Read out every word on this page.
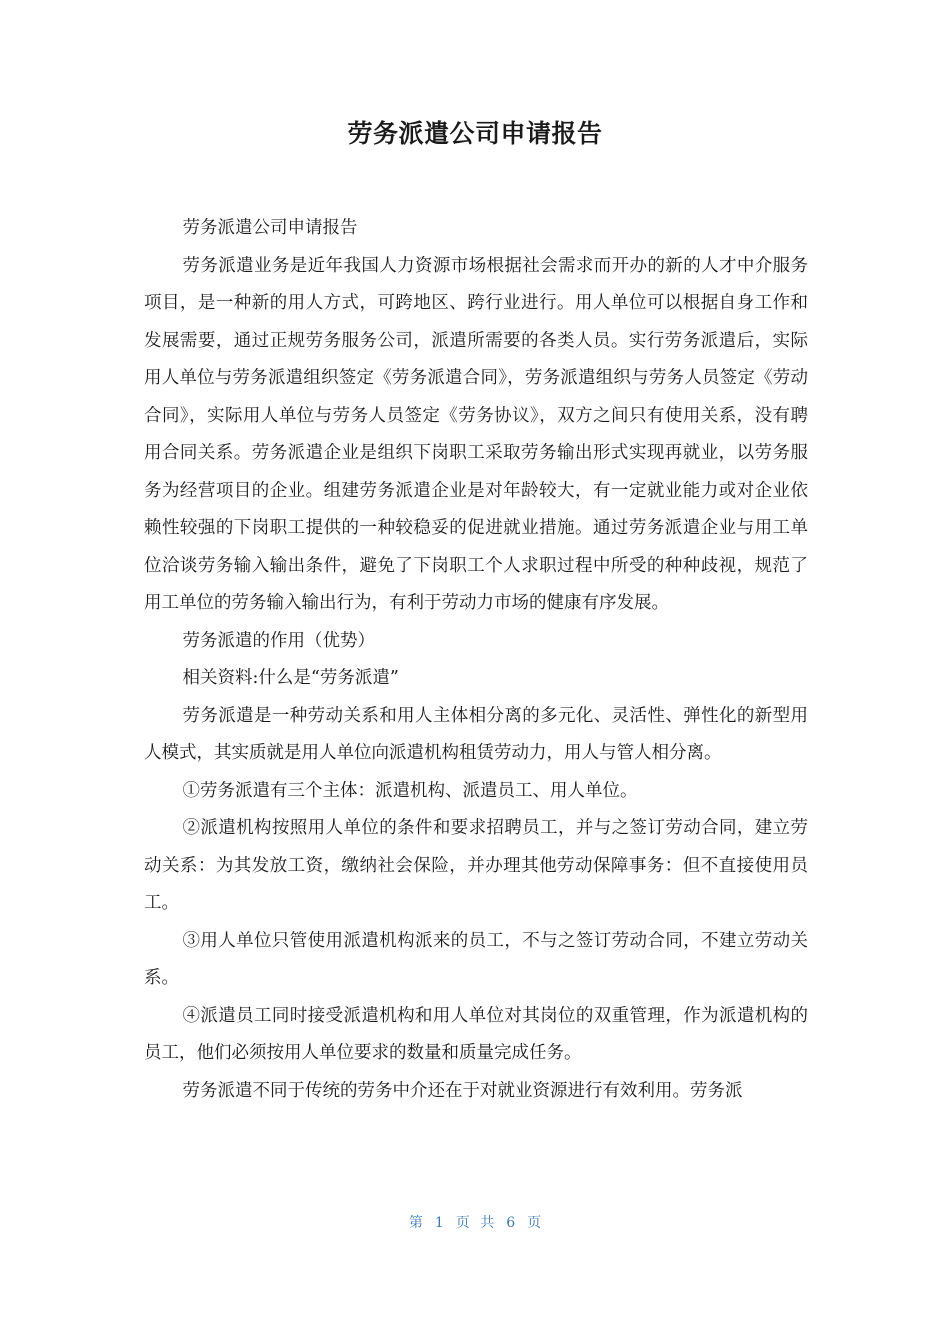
劳务派遣公司申请报告

劳务派遣公司申请报告

劳务派遣业务是近年我国人力资源市场根据社会需求而开办的新的人才中介服务项目，是一种新的用人方式，可跨地区、跨行业进行。用人单位可以根据自身工作和发展需要，通过正规劳务服务公司，派遣所需要的各类人员。实行劳务派遣后，实际用人单位与劳务派遣组织签定《劳务派遣合同》，劳务派遣组织与劳务人员签定《劳动合同》，实际用人单位与劳务人员签定《劳务协议》，双方之间只有使用关系，没有聘用合同关系。劳务派遣企业是组织下岗职工采取劳务输出形式实现再就业，以劳务服务为经营项目的企业。组建劳务派遣企业是对年龄较大，有一定就业能力或对企业依赖性较强的下岗职工提供的一种较稳妥的促进就业措施。通过劳务派遣企业与用工单位洽谈劳务输入输出条件，避免了下岗职工个人求职过程中所受的种种歧视，规范了用工单位的劳务输入输出行为，有利于劳动力市场的健康有序发展。

劳务派遣的作用（优势）

相关资料:什么是“劳务派遣”

劳务派遣是一种劳动关系和用人主体相分离的多元化、灵活性、弹性化的新型用人模式，其实质就是用人单位向派遣机构租赁劳动力，用人与管人相分离。

①劳务派遣有三个主体：派遣机构、派遣员工、用人单位。

②派遣机构按照用人单位的条件和要求招聘员工，并与之签订劳动合同，建立劳动关系：为其发放工资，缴纳社会保险，并办理其他劳动保障事务：但不直接使用员工。

③用人单位只管使用派遣机构派来的员工，不与之签订劳动合同，不建立劳动关系。

④派遣员工同时接受派遣机构和用人单位对其岗位的双重管理，作为派遣机构的员工，他们必须按用人单位要求的数量和质量完成任务。

劳务派遣不同于传统的劳务中介还在于对就业资源进行有效利用。劳务派

第 1 页 共 6 页
